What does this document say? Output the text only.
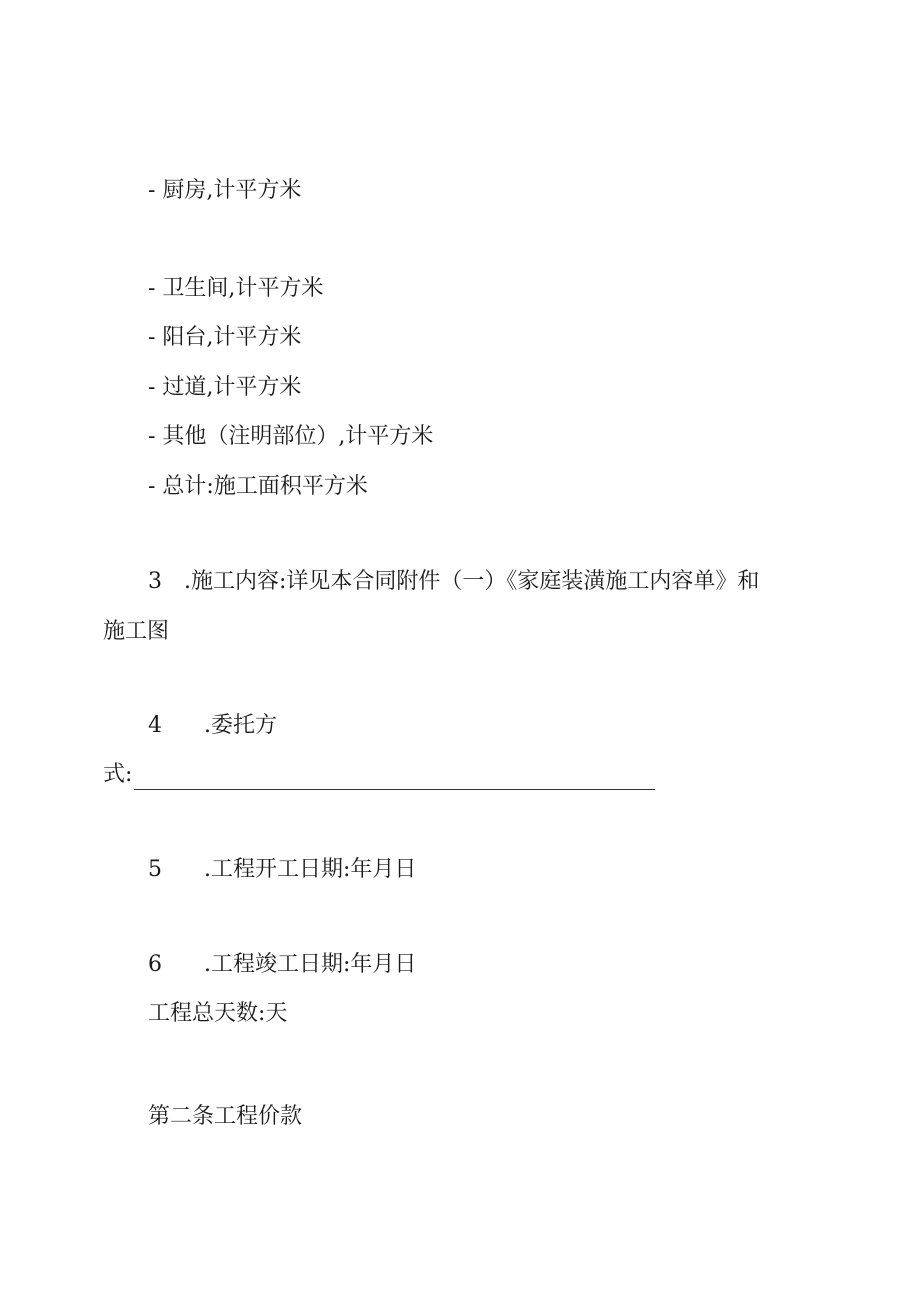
- 厨房,计平方米
- 卫生间,计平方米
- 阳台,计平方米
- 过道,计平方米
- 其他（注明部位）,计平方米
- 总计:施工面积平方米
3 .施工内容:详见本合同附件（一）《家庭装潢施工内容单》和
施工图
4 .委托方
式:
5 .工程开工日期:年月日
6 .工程竣工日期:年月日
工程总天数:天
第二条工程价款
